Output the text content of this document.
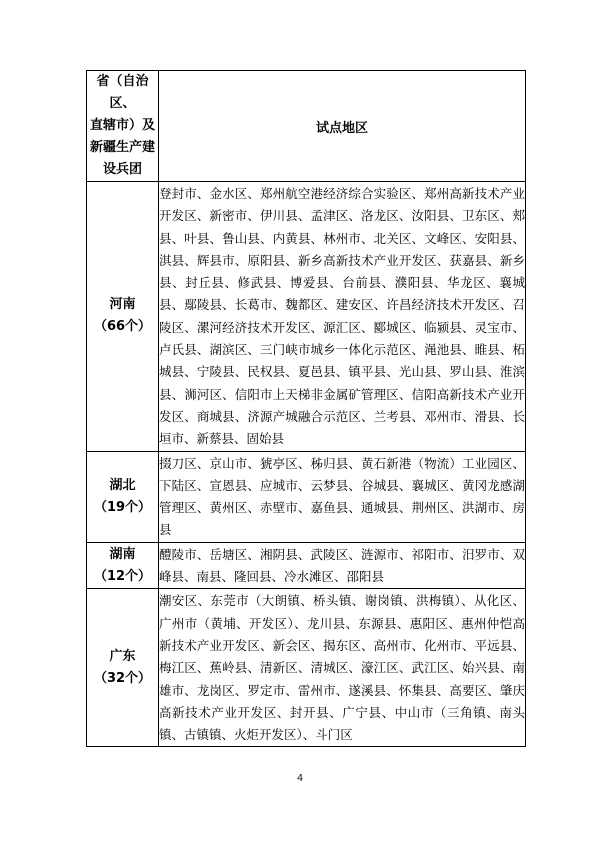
省（自治区、
直辖市）及
新疆生产建
设兵团	试点地区

河南
（66个）	登封市、金水区、郑州航空港经济综合实验区、郑州高新技术产业开发区、新密市、伊川县、孟津区、洛龙区、汝阳县、卫东区、郏县、叶县、鲁山县、内黄县、林州市、北关区、文峰区、安阳县、淇县、辉县市、原阳县、新乡高新技术产业开发区、获嘉县、新乡县、封丘县、修武县、博爱县、台前县、濮阳县、华龙区、襄城县、鄢陵县、长葛市、魏都区、建安区、许昌经济技术开发区、召陵区、漯河经济技术开发区、源汇区、郾城区、临颍县、灵宝市、卢氏县、湖滨区、三门峡市城乡一体化示范区、渑池县、睢县、柘城县、宁陵县、民权县、夏邑县、镇平县、光山县、罗山县、淮滨县、浉河区、信阳市上天梯非金属矿管理区、信阳高新技术产业开发区、商城县、济源产城融合示范区、兰考县、邓州市、滑县、长垣市、新蔡县、固始县

湖北
（19个）	掇刀区、京山市、猇亭区、秭归县、黄石新港（物流）工业园区、下陆区、宣恩县、应城市、云梦县、谷城县、襄城区、黄冈龙感湖管理区、黄州区、赤壁市、嘉鱼县、通城县、荆州区、洪湖市、房县

湖南
（12个）	醴陵市、岳塘区、湘阴县、武陵区、涟源市、祁阳市、汨罗市、双峰县、南县、隆回县、冷水滩区、邵阳县

广东
（32个）	潮安区、东莞市（大朗镇、桥头镇、谢岗镇、洪梅镇）、从化区、广州市（黄埔、开发区）、龙川县、东源县、惠阳区、惠州仲恺高新技术产业开发区、新会区、揭东区、高州市、化州市、平远县、梅江区、蕉岭县、清新区、清城区、濠江区、武江区、始兴县、南雄市、龙岗区、罗定市、雷州市、遂溪县、怀集县、高要区、肇庆高新技术产业开发区、封开县、广宁县、中山市（三角镇、南头镇、古镇镇、火炬开发区）、斗门区
4
